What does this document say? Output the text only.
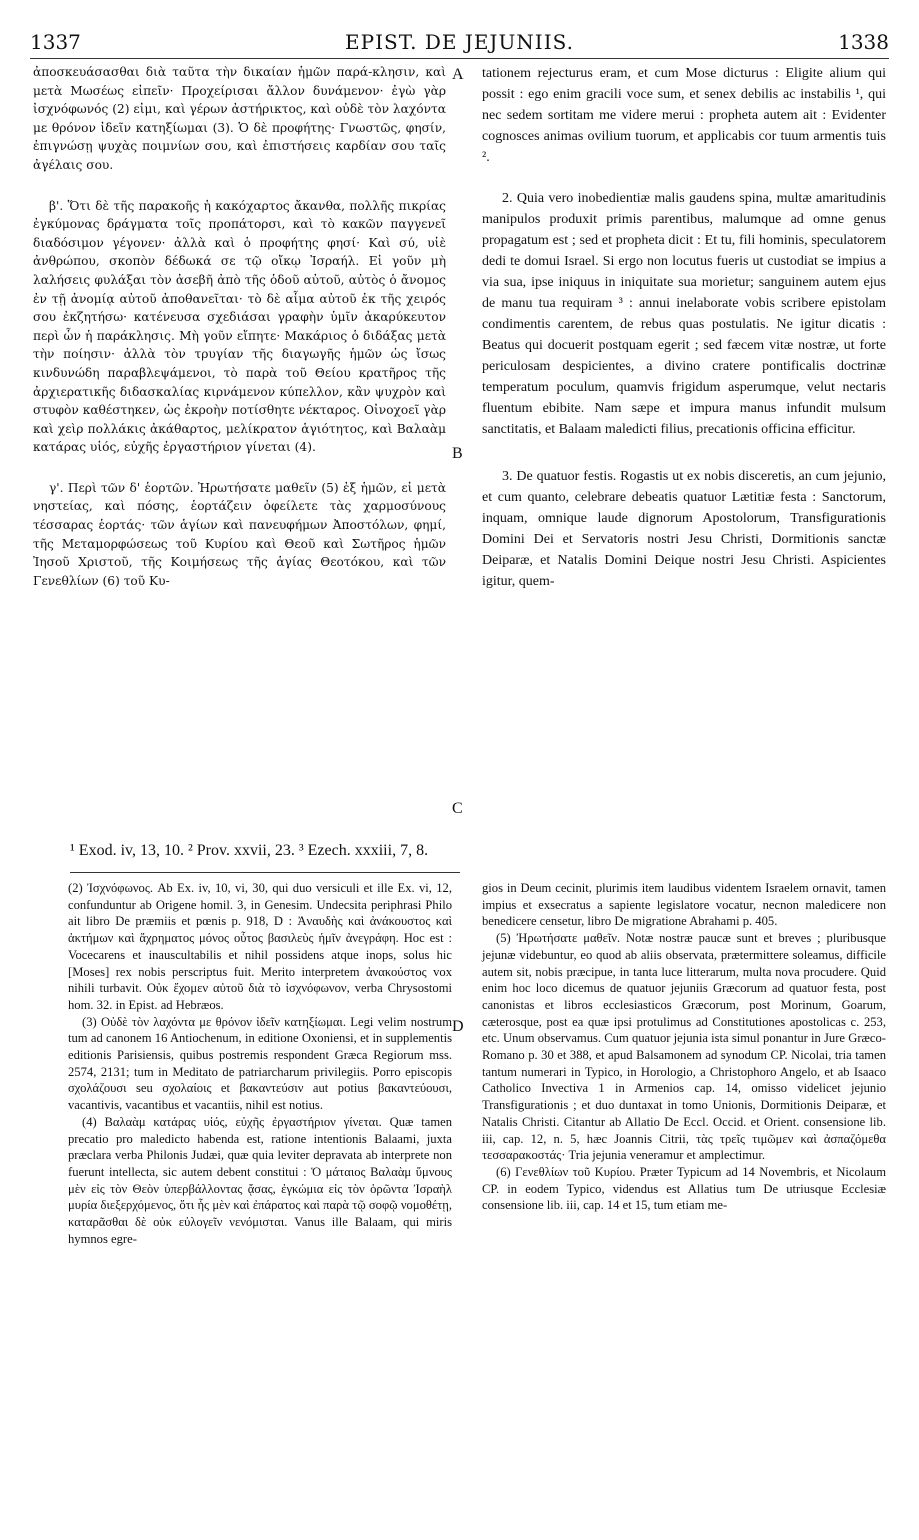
1337	EPIST. DE JEJUNIIS.	1338

ἀποσκευάσασθαι διὰ ταῦτα τὴν δικαίαν ἡμῶν παρά-κλησιν, καὶ μετὰ Μωσέως εἰπεῖν· Προχείρισαι ἄλλον δυνάμενον· ἐγὼ γὰρ ἰσχνόφωνός (2) εἰμι, καὶ γέρων ἀστήρικτος, καὶ οὐδὲ τὸν λαχόντα με θρόνον ἰδεῖν κατηξίωμαι (3). Ὁ δὲ προφήτης· Γνωστῶς, φησίν, ἐπιγνώσῃ ψυχὰς ποιμνίων σου, καὶ ἐπιστήσεις καρδίαν σου ταῖς ἀγέλαις σου.

β'. Ὅτι δὲ τῆς παρακοῆς ἡ κακόχαρτος ἄκανθα, πολλῆς πικρίας ἐγκύμονας δράγματα τοῖς προπάτορσι, καὶ τὸ κακῶν παγγενεῖ διαδόσιμον γέγονεν· ἀλλὰ καὶ ὁ προφήτης φησί· Καὶ σύ, υἱὲ ἀνθρώπου, σκοπὸν δέδωκά σε τῷ οἴκῳ Ἰσραήλ. Εἰ γοῦν μὴ λαλήσεις φυλάξαι τὸν ἀσεβῆ ἀπὸ τῆς ὁδοῦ αὐτοῦ, αὐτὸς ὁ ἄνομος ἐν τῇ ἀνομίᾳ αὐτοῦ ἀποθανεῖται· τὸ δὲ αἷμα αὐτοῦ ἐκ τῆς χειρός σου ἐκζητήσω· κατένευσα σχεδιάσαι γραφὴν ὑμῖν ἀκαρύκευτον περὶ ὧν ἡ παράκλησις. Μὴ γοῦν εἴπητε· Μακάριος ὁ διδάξας μετὰ τὴν ποίησιν· ἀλλὰ τὸν τρυγίαν τῆς διαγωγῆς ἡμῶν ὡς ἴσως κινδυνώδη παραβλεψάμενοι, τὸ παρὰ τοῦ Θείου κρατῆρος τῆς ἀρχιερατικῆς διδασκαλίας κιρνάμενον κύπελλον, κἂν ψυχρὸν καὶ στυφὸν καθέστηκεν, ὡς ἐκροὴν ποτίσθητε νέκταρος. Οἰνοχοεῖ γὰρ καὶ χεὶρ πολλάκις ἀκάθαρτος, μελίκρατον ἁγιότητος, καὶ Βαλαὰμ κατάρας υἱός, εὐχῆς ἐργαστήριον γίνεται (4).

γ'. Περὶ τῶν δ' ἑορτῶν. Ἠρωτήσατε μαθεῖν (5) ἐξ ἡμῶν, εἰ μετὰ νηστείας, καὶ πόσης, ἑορτάζειν ὀφείλετε τὰς χαρμοσύνους τέσσαρας ἑορτάς· τῶν ἁγίων καὶ πανευφήμων Ἀποστόλων, φημί, τῆς Μεταμορφώσεως τοῦ Κυρίου καὶ Θεοῦ καὶ Σωτῆρος ἡμῶν Ἰησοῦ Χριστοῦ, τῆς Κοιμήσεως τῆς ἁγίας Θεοτόκου, καὶ τῶν Γενεθλίων (6) τοῦ Κυ-

A
B
C
D

tationem rejecturus eram, et cum Mose dicturus : Eligite alium qui possit : ego enim gracili voce sum, et senex debilis ac instabilis ¹, qui nec sedem sortitam me videre merui : propheta autem ait : Evidenter cognosces animas ovilium tuorum, et applicabis cor tuum armentis tuis ².

2. Quia vero inobedientiæ malis gaudens spina, multæ amaritudinis manipulos produxit primis parentibus, malumque ad omne genus propagatum est ; sed et propheta dicit : Et tu, fili hominis, speculatorem dedi te domui Israel. Si ergo non locutus fueris ut custodiat se impius a via sua, ipse iniquus in iniquitate sua morietur; sanguinem autem ejus de manu tua requiram ³ : annui inelaborate vobis scribere epistolam condimentis carentem, de rebus quas postulatis. Ne igitur dicatis : Beatus qui docuerit postquam egerit ; sed fæcem vitæ nostræ, ut forte periculosam despicientes, a divino cratere pontificalis doctrinæ temperatum poculum, quamvis frigidum asperumque, velut nectaris fluentum ebibite. Nam sæpe et impura manus infundit mulsum sanctitatis, et Balaam maledicti filius, precationis officina efficitur.

3. De quatuor festis. Rogastis ut ex nobis disceretis, an cum jejunio, et cum quanto, celebrare debeatis quatuor Lætitiæ festa : Sanctorum, inquam, omnique laude dignorum Apostolorum, Transfigurationis Domini Dei et Servatoris nostri Jesu Christi, Dormitionis sanctæ Deiparæ, et Natalis Domini Deique nostri Jesu Christi. Aspicientes igitur, quem-

¹ Exod. iv, 13, 10. ² Prov. xxvii, 23. ³ Ezech. xxxiii, 7, 8.

(2) Ἰσχνόφωνος. Ab Ex. iv, 10, vi, 30, qui duo versiculi et ille Ex. vi, 12, confunduntur ab Origene homil. 3, in Genesim. Undecsita periphrasi Philo ait libro De præmiis et pœnis p. 918, D : Ἀναυδὴς καὶ ἀνάκουστος καὶ ἀκτήμων καὶ ἄχρηματος μόνος οὗτος βασιλεὺς ἡμῖν ἀνεγράφη. Hoc est : Vocecarens et inauscultabilis et nihil possidens atque inops, solus hic [Moses] rex nobis perscriptus fuit. Merito interpretem ἀνακούστος vox nihili turbavit. Οὐκ ἔχομεν αὐτοῦ διὰ τὸ ἰσχνόφωνον, verba Chrysostomi hom. 32. in Epist. ad Hebræos.

(3) Οὐδὲ τὸν λαχόντα με θρόνον ἰδεῖν κατηξίωμαι. Legi velim nostrum tum ad canonem 16 Antiochenum, in editione Oxoniensi, et in supplementis editionis Parisiensis, quibus postremis respondent Græca Regiorum mss. 2574, 2131; tum in Meditato de patriarcharum privilegiis. Porro episcopis σχολάζουσι seu σχολαίοις et βακαντεύσιν aut potius βακαντεύουσι, vacantivis, vacantibus et vacantiis, nihil est notius.

(4) Βαλαὰμ κατάρας υἱός, εὐχῆς ἐργαστήριον γίνεται. Quæ tamen precatio pro maledicto habenda est, ratione intentionis Balaami, juxta præclara verba Philonis Judæi, quæ quia leviter depravata ab interprete non fuerunt intellecta, sic autem debent constitui : Ὁ μάταιος Βαλαὰμ ὕμνους μὲν εἰς τὸν Θεὸν ὑπερβάλλοντας ᾄσας, ἐγκώμια εἰς τὸν ὁρῶντα Ἰσραὴλ μυρία διεξερχόμενος, ὅτι ἧς μὲν καὶ ἐπάρατος καὶ παρὰ τῷ σοφῷ νομοθέτῃ, καταρᾶσθαι δὲ οὐκ εὐλογεῖν νενόμισται. Vanus ille Balaam, qui miris hymnos egre-

gios in Deum cecinit, plurimis item laudibus videntem Israelem ornavit, tamen impius et exsecratus a sapiente legislatore vocatur, necnon maledicere non benedicere censetur, libro De migratione Abrahami p. 405.

(5) Ἠρωτήσατε μαθεῖν. Notæ nostræ paucæ sunt et breves ; pluribusque jejunæ videbuntur, eo quod ab aliis observata, prætermittere soleamus, difficile autem sit, nobis præcipue, in tanta luce litterarum, multa nova procudere. Quid enim hoc loco dicemus de quatuor jejuniis Græcorum ad quatuor festa, post canonistas et libros ecclesiasticos Græcorum, post Morinum, Goarum, cæterosque, post ea quæ ipsi protulimus ad Constitutiones apostolicas c. 253, etc. Unum observamus. Cum quatuor jejunia ista simul ponantur in Jure Græco-Romano p. 30 et 388, et apud Balsamonem ad synodum CP. Nicolai, tria tamen tantum numerari in Typico, in Horologio, a Christophoro Angelo, et ab Isaaco Catholico Invectiva 1 in Armenios cap. 14, omisso videlicet jejunio Transfigurationis ; et duo duntaxat in tomo Unionis, Dormitionis Deiparæ, et Natalis Christi. Citantur ab Allatio De Eccl. Occid. et Orient. consensione lib. iii, cap. 12, n. 5, hæc Joannis Citrii, τὰς τρεῖς τιμῶμεν καὶ ἀσπαζόμεθα τεσσαρακοστάς· Tria jejunia veneramur et amplectimur.

(6) Γενεθλίων τοῦ Κυρίου. Præter Typicum ad 14 Novembris, et Nicolaum CP. in eodem Typico, videndus est Allatius tum De utriusque Ecclesiæ consensione lib. iii, cap. 14 et 15, tum etiam me-
